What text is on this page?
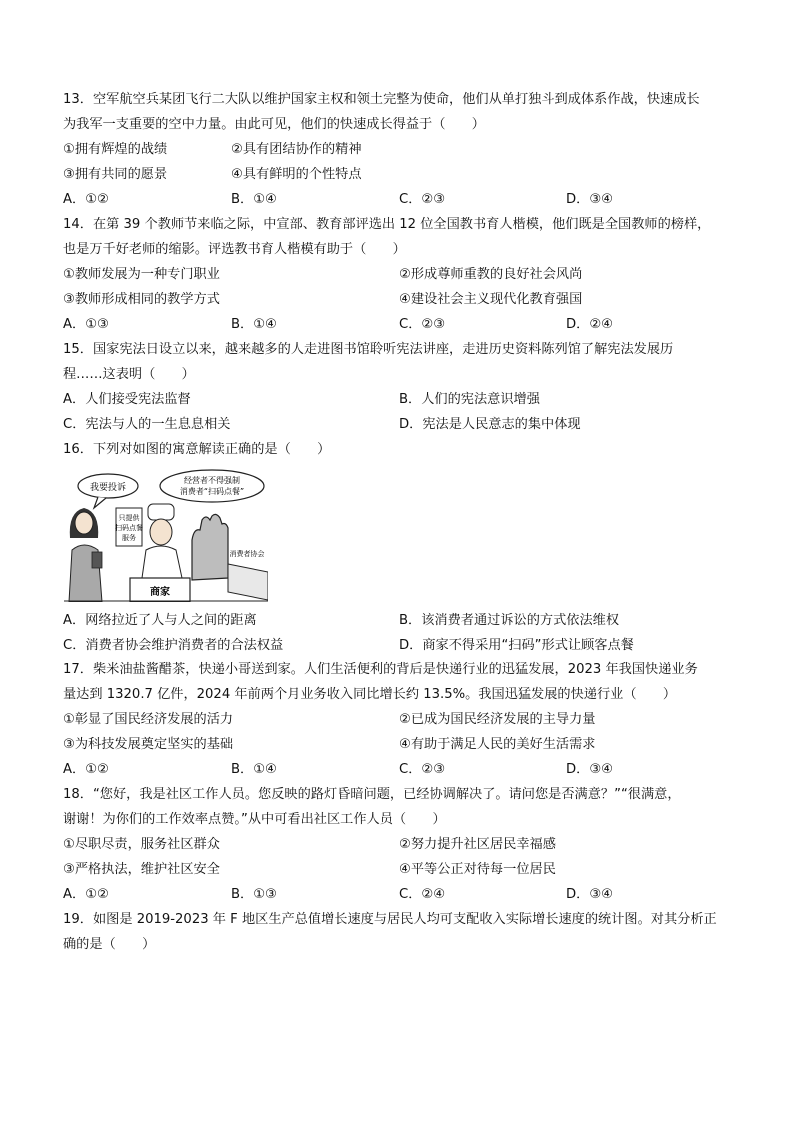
13．空军航空兵某团飞行二大队以维护国家主权和领土完整为使命，他们从单打独斗到成体系作战，快速成长
为我军一支重要的空中力量。由此可见，他们的快速成长得益于（　　）
①拥有辉煌的战绩	②具有团结协作的精神
③拥有共同的愿景	④具有鲜明的个性特点
A．①②	B．①④	C．②③	D．③④
14．在第 39 个教师节来临之际，中宣部、教育部评选出 12 位全国教书育人楷模，他们既是全国教师的榜样，
也是万千好老师的缩影。评选教书育人楷模有助于（　　）
①教师发展为一种专门职业	②形成尊师重教的良好社会风尚
③教师形成相同的教学方式	④建设社会主义现代化教育强国
A．①③	B．①④	C．②③	D．②④
15．国家宪法日设立以来，越来越多的人走进图书馆聆听宪法讲座，走进历史资料陈列馆了解宪法发展历
程……这表明（　　）
A．人们接受宪法监督	B．人们的宪法意识增强
C．宪法与人的一生息息相关	D．宪法是人民意志的集中体现
16．下列对如图的寓意解读正确的是（　　）
我要投诉
经营者不得强制
消费者“扫码点餐”
只提供
扫码点餐
服务
消费者协会
商家
A．网络拉近了人与人之间的距离	B．该消费者通过诉讼的方式依法维权
C．消费者协会维护消费者的合法权益	D．商家不得采用“扫码”形式让顾客点餐
17．柴米油盐酱醋茶，快递小哥送到家。人们生活便利的背后是快递行业的迅猛发展，2023 年我国快递业务
量达到 1320.7 亿件，2024 年前两个月业务收入同比增长约 13.5%。我国迅猛发展的快递行业（　　）
①彰显了国民经济发展的活力	②已成为国民经济发展的主导力量
③为科技发展奠定坚实的基础	④有助于满足人民的美好生活需求
A．①②	B．①④	C．②③	D．③④
18．“您好，我是社区工作人员。您反映的路灯昏暗问题，已经协调解决了。请问您是否满意？”“很满意，
谢谢！为你们的工作效率点赞。”从中可看出社区工作人员（　　）
①尽职尽责，服务社区群众	②努力提升社区居民幸福感
③严格执法，维护社区安全	④平等公正对待每一位居民
A．①②	B．①③	C．②④	D．③④
19．如图是 2019-2023 年 F 地区生产总值增长速度与居民人均可支配收入实际增长速度的统计图。对其分析正
确的是（　　）
